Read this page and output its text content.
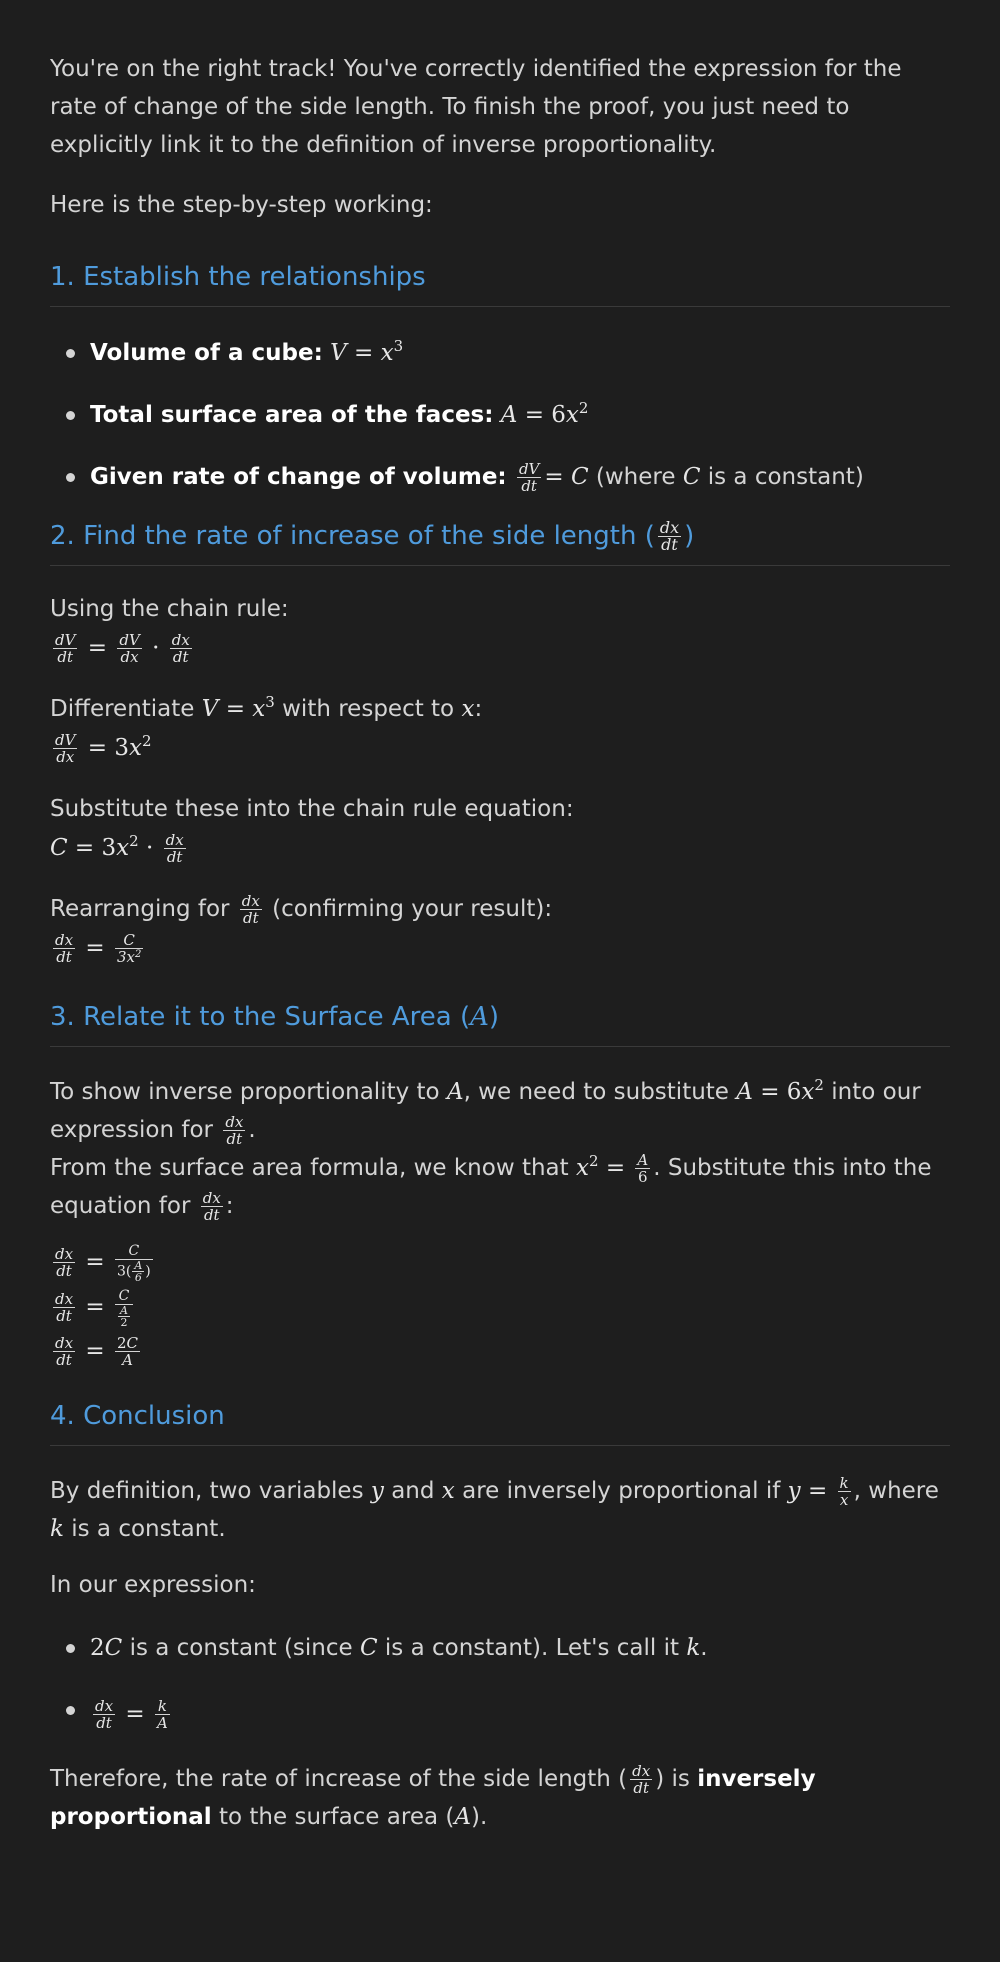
You're on the right track! You've correctly identified the expression for the rate of change of the side length. To finish the proof, you just need to explicitly link it to the definition of inverse proportionality.

Here is the step-by-step working:

1. Establish the relationships
Volume of a cube: $V = x^3$
Total surface area of the faces: $A = 6x^2$
Given rate of change of volume: $\frac{dV}{dt} = C$ (where C is a constant)
2. Find the rate of increase of the side length ( $\frac{dx}{dt}$ )
Using the chain rule:
$\frac{dV}{dt} = \frac{dV}{dx} \cdot \frac{dx}{dt}$
Differentiate $V = x^3$ with respect to x:
$\frac{dV}{dx} = 3x^2$
Substitute these into the chain rule equation:
$C = 3x^2 \cdot \frac{dx}{dt}$
Rearranging for $\frac{dx}{dt}$ (confirming your result):
$\frac{dx}{dt} = \frac{C}{3x^2}$
3. Relate it to the Surface Area (A)

To show inverse proportionality to A, we need to substitute $A = 6x^2$ into our expression for $\frac{dx}{dt}$ .

From the surface area formula, we know that $x^2 = \frac{A}{6}$ . Substitute this into the equation for $\frac{dx}{dt}$ :

$\frac{dx}{dt} = \frac{C}{3( \frac{A}{6} )}$
$\frac{dx}{dt} = \frac{C}{\frac{A}{2}}$
$\frac{dx}{dt} = \frac{2C}{A}$
4. Conclusion

By definition, two variables y and x are inversely proportional if $y = \frac{k}{x}$ , where k is a constant.

In our expression:

2C is a constant (since C is a constant). Let's call it k.
$\frac{dx}{dt} = \frac{k}{A}$

Therefore, the rate of increase of the side length ( $\frac{dx}{dt}$ ) is inversely proportional to the surface area (A).
